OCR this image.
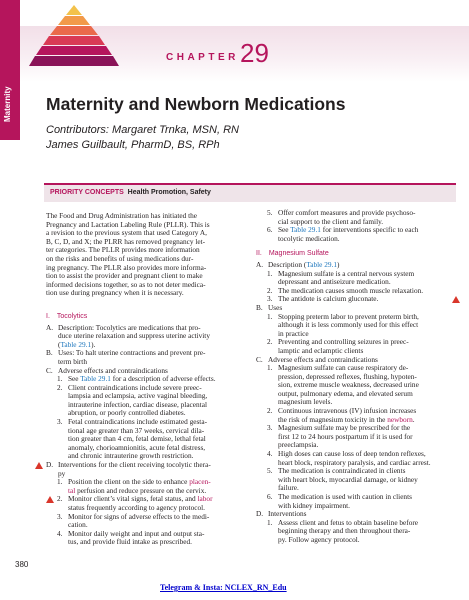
Maternity
CHAPTER 29
Maternity and Newborn Medications
Contributors: Margaret Trnka, MSN, RN
James Guilbault, PharmD, BS, RPh
PRIORITY CONCEPTS Health Promotion, Safety

The Food and Drug Administration has initiated the
Pregnancy and Lactation Labeling Rule (PLLR). This is
a revision to the previous system that used Category A,
B, C, D, and X; the PLRR has removed pregnancy let-
ter categories. The PLLR provides more information
on the risks and benefits of using medications dur-
ing pregnancy. The PLLR also provides more informa-
tion to assist the provider and pregnant client to make
informed decisions together, so as to not deter medica-
tion use during pregnancy when it is necessary.

I. Tocolytics
A. Description: Tocolytics are medications that pro-
duce uterine relaxation and suppress uterine activity
(Table 29.1).
B. Uses: To halt uterine contractions and prevent pre-
term birth
C. Adverse effects and contraindications
1. See Table 29.1 for a description of adverse effects.
2. Client contraindications include severe preec-
lampsia and eclampsia, active vaginal bleeding,
intrauterine infection, cardiac disease, placental
abruption, or poorly controlled diabetes.
3. Fetal contraindications include estimated gesta-
tional age greater than 37 weeks, cervical dila-
tion greater than 4 cm, fetal demise, lethal fetal
anomaly, chorioamnionitis, acute fetal distress,
and chronic intrauterine growth restriction.
D. Interventions for the client receiving tocolytic thera-
py
1. Position the client on the side to enhance placen-
tal perfusion and reduce pressure on the cervix.
2. Monitor client’s vital signs, fetal status, and labor
status frequently according to agency protocol.
3. Monitor for signs of adverse effects to the medi-
cation.
4. Monitor daily weight and input and output sta-
tus, and provide fluid intake as prescribed.
5. Offer comfort measures and provide psychoso-
cial support to the client and family.
6. See Table 29.1 for interventions specific to each
tocolytic medication.
II. Magnesium Sulfate
A. Description (Table 29.1)
1. Magnesium sulfate is a central nervous system
depressant and antiseizure medication.
2. The medication causes smooth muscle relaxation.
3. The antidote is calcium gluconate.
B. Uses
1. Stopping preterm labor to prevent preterm birth,
although it is less commonly used for this effect
in practice
2. Preventing and controlling seizures in preec-
lamptic and eclamptic clients
C. Adverse effects and contraindications
1. Magnesium sulfate can cause respiratory de-
pression, depressed reflexes, flushing, hypoten-
sion, extreme muscle weakness, decreased urine
output, pulmonary edema, and elevated serum
magnesium levels.
2. Continuous intravenous (IV) infusion increases
the risk of magnesium toxicity in the newborn.
3. Magnesium sulfate may be prescribed for the
first 12 to 24 hours postpartum if it is used for
preeclampsia.
4. High doses can cause loss of deep tendon reflexes,
heart block, respiratory paralysis, and cardiac arrest.
5. The medication is contraindicated in clients
with heart block, myocardial damage, or kidney
failure.
6. The medication is used with caution in clients
with kidney impairment.
D. Interventions
1. Assess client and fetus to obtain baseline before
beginning therapy and then throughout thera-
py. Follow agency protocol.
380
Telegram & Insta: NCLEX_RN_Edu
